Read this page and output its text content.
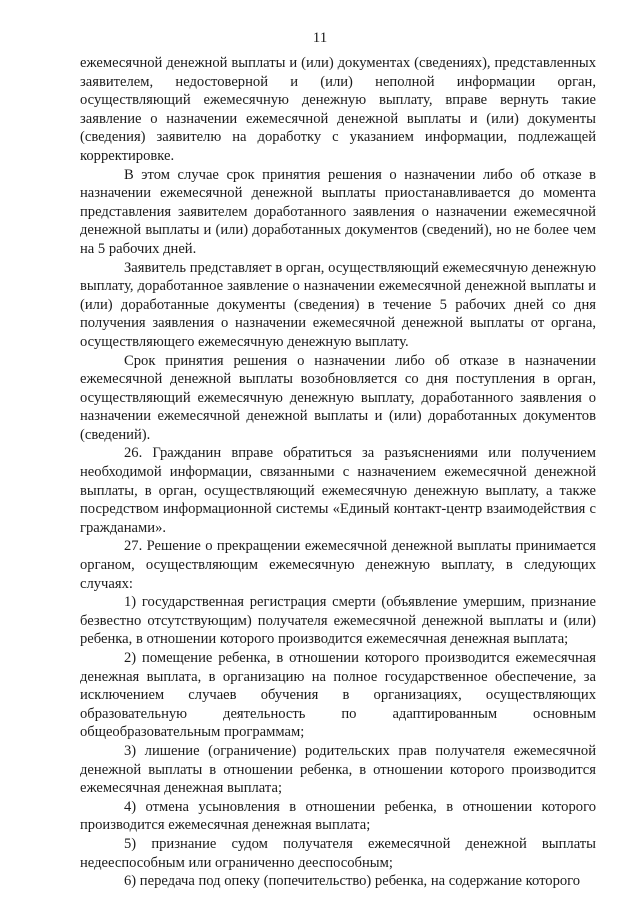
11

ежемесячной денежной выплаты и (или) документах (сведениях), представленных заявителем, недостоверной и (или) неполной информации орган, осуществляющий ежемесячную денежную выплату, вправе вернуть такие заявление о назначении ежемесячной денежной выплаты и (или) документы (сведения) заявителю на доработку с указанием информации, подлежащей корректировке.

В этом случае срок принятия решения о назначении либо об отказе в назначении ежемесячной денежной выплаты приостанавливается до момента представления заявителем доработанного заявления о назначении ежемесячной денежной выплаты и (или) доработанных документов (сведений), но не более чем на 5 рабочих дней.

Заявитель представляет в орган, осуществляющий ежемесячную денежную выплату, доработанное заявление о назначении ежемесячной денежной выплаты и (или) доработанные документы (сведения) в течение 5 рабочих дней со дня получения заявления о назначении ежемесячной денежной выплаты от органа, осуществляющего ежемесячную денежную выплату.

Срок принятия решения о назначении либо об отказе в назначении ежемесячной денежной выплаты возобновляется со дня поступления в орган, осуществляющий ежемесячную денежную выплату, доработанного заявления о назначении ежемесячной денежной выплаты и (или) доработанных документов (сведений).

26. Гражданин вправе обратиться за разъяснениями или получением необходимой информации, связанными с назначением ежемесячной денежной выплаты, в орган, осуществляющий ежемесячную денежную выплату, а также посредством информационной системы «Единый контакт-центр взаимодействия с гражданами».

27. Решение о прекращении ежемесячной денежной выплаты принимается органом, осуществляющим ежемесячную денежную выплату, в следующих случаях:

1) государственная регистрация смерти (объявление умершим, признание безвестно отсутствующим) получателя ежемесячной денежной выплаты и (или) ребенка, в отношении которого производится ежемесячная денежная выплата;

2) помещение ребенка, в отношении которого производится ежемесячная денежная выплата, в организацию на полное государственное обеспечение, за исключением случаев обучения в организациях, осуществляющих образовательную деятельность по адаптированным основным общеобразовательным программам;

3) лишение (ограничение) родительских прав получателя ежемесячной денежной выплаты в отношении ребенка, в отношении которого производится ежемесячная денежная выплата;

4) отмена усыновления в отношении ребенка, в отношении которого производится ежемесячная денежная выплата;

5) признание судом получателя ежемесячной денежной выплаты недееспособным или ограниченно дееспособным;

6) передача под опеку (попечительство) ребенка, на содержание которого
